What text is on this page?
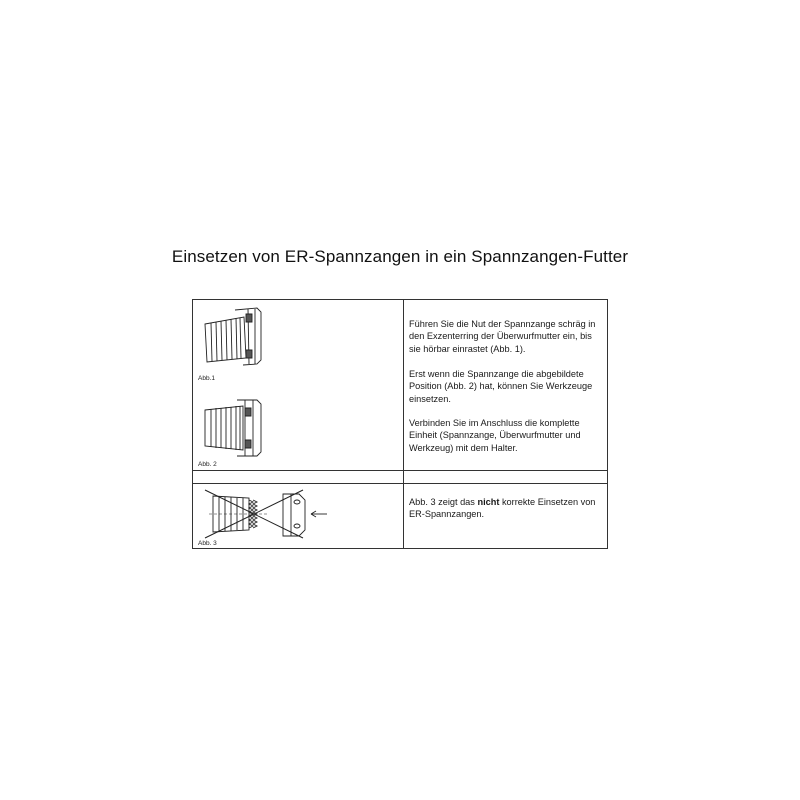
Einsetzen von ER-Spannzangen in ein Spannzangen-Futter
Abb.1
Abb. 2
Abb. 3
Führen Sie die Nut der Spannzange schräg in den Exzenterring der Überwurfmutter ein, bis sie hörbar einrastet (Abb. 1).
Erst wenn die Spannzange die abgebildete Position (Abb. 2) hat, können Sie Werkzeuge einsetzen.
Verbinden Sie im Anschluss die komplette Einheit (Spannzange, Überwurfmutter und Werkzeug) mit dem Halter.
Abb. 3 zeigt das nicht korrekte Einsetzen von ER-Spannzangen.
